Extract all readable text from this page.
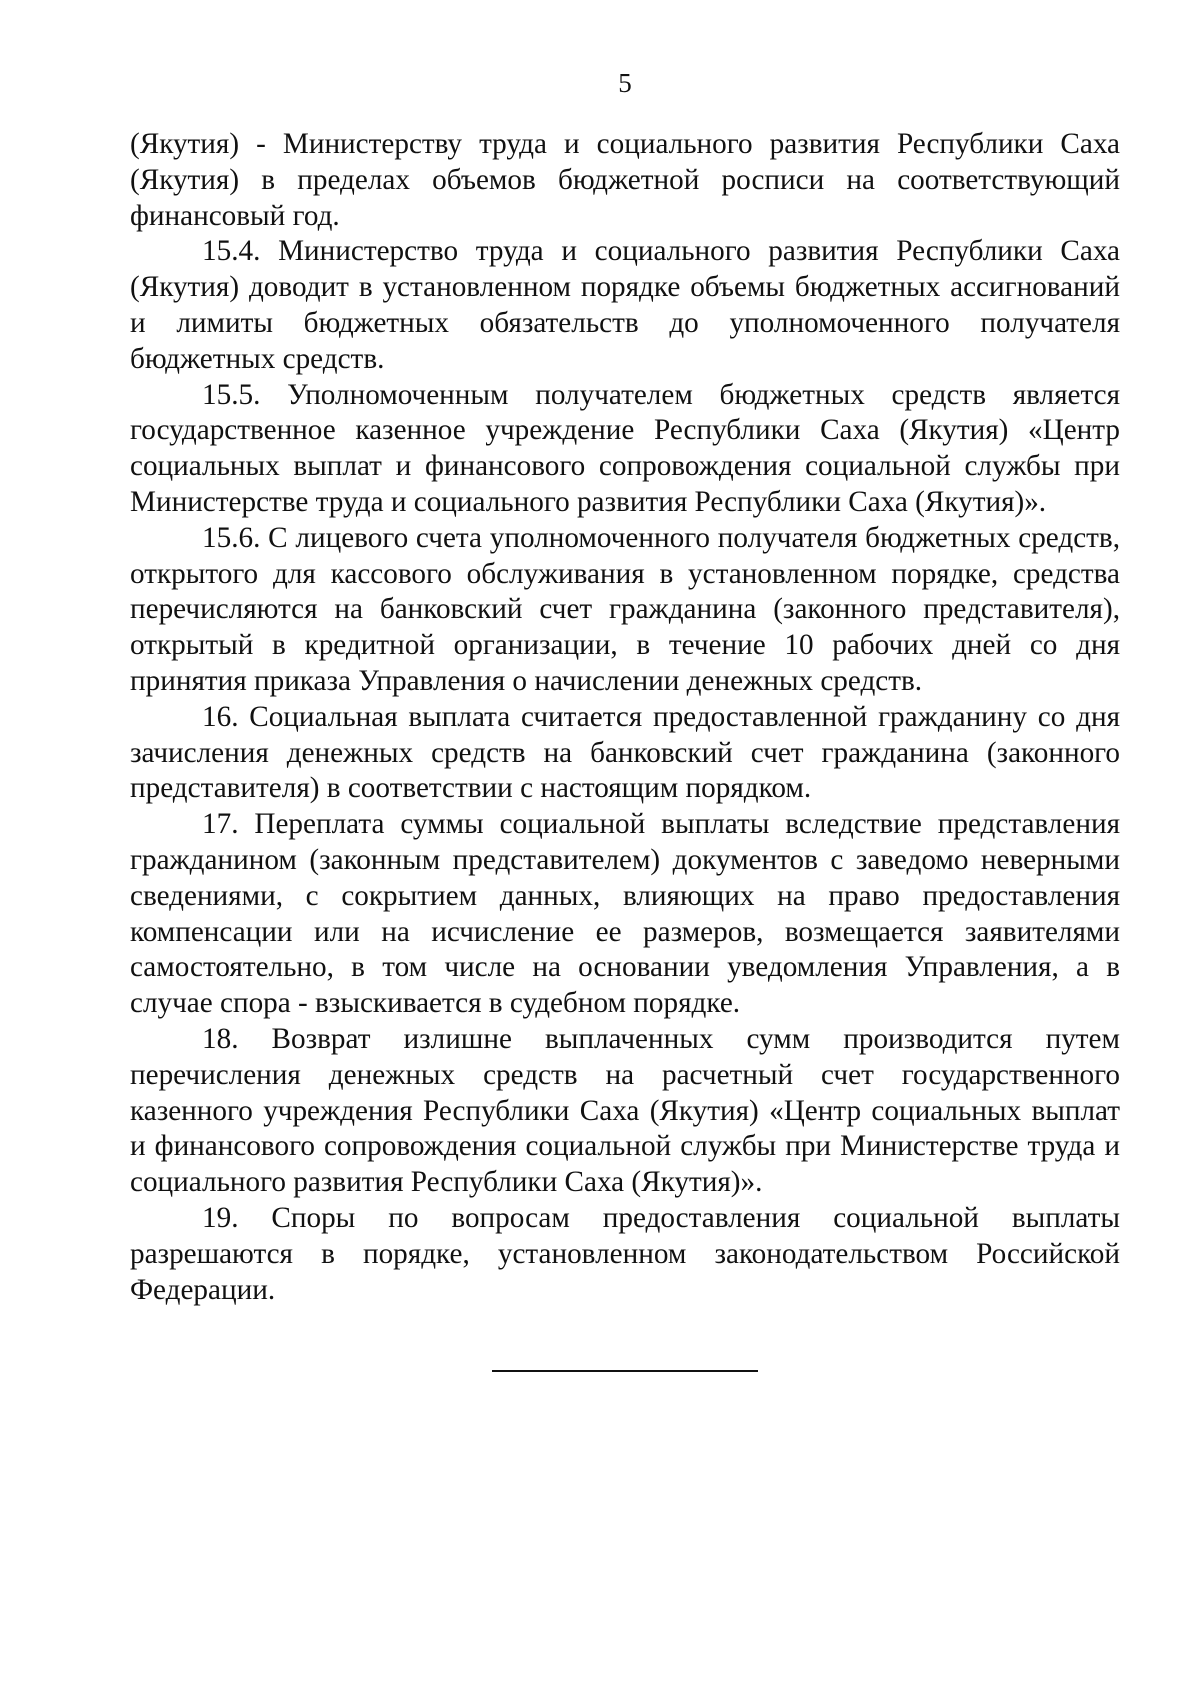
5

(Якутия) - Министерству труда и социального развития Республики Саха (Якутия) в пределах объемов бюджетной росписи на соответствующий финансовый год.

15.4. Министерство труда и социального развития Республики Саха (Якутия) доводит в установленном порядке объемы бюджетных ассигнований и лимиты бюджетных обязательств до уполномоченного получателя бюджетных средств.

15.5. Уполномоченным получателем бюджетных средств является государственное казенное учреждение Республики Саха (Якутия) «Центр социальных выплат и финансового сопровождения социальной службы при Министерстве труда и социального развития Республики Саха (Якутия)».

15.6. С лицевого счета уполномоченного получателя бюджетных средств, открытого для кассового обслуживания в установленном порядке, средства перечисляются на банковский счет гражданина (законного представителя), открытый в кредитной организации, в течение 10 рабочих дней со дня принятия приказа Управления о начислении денежных средств.

16. Социальная выплата считается предоставленной гражданину со дня зачисления денежных средств на банковский счет гражданина (законного представителя) в соответствии с настоящим порядком.

17. Переплата суммы социальной выплаты вследствие представления гражданином (законным представителем) документов с заведомо неверными сведениями, с сокрытием данных, влияющих на право предоставления компенсации или на исчисление ее размеров, возмещается заявителями самостоятельно, в том числе на основании уведомления Управления, а в случае спора - взыскивается в судебном порядке.

18. Возврат излишне выплаченных сумм производится путем перечисления денежных средств на расчетный счет государственного казенного учреждения Республики Саха (Якутия) «Центр социальных выплат и финансового сопровождения социальной службы при Министерстве труда и социального развития Республики Саха (Якутия)».

19. Споры по вопросам предоставления социальной выплаты разрешаются в порядке, установленном законодательством Российской Федерации.
